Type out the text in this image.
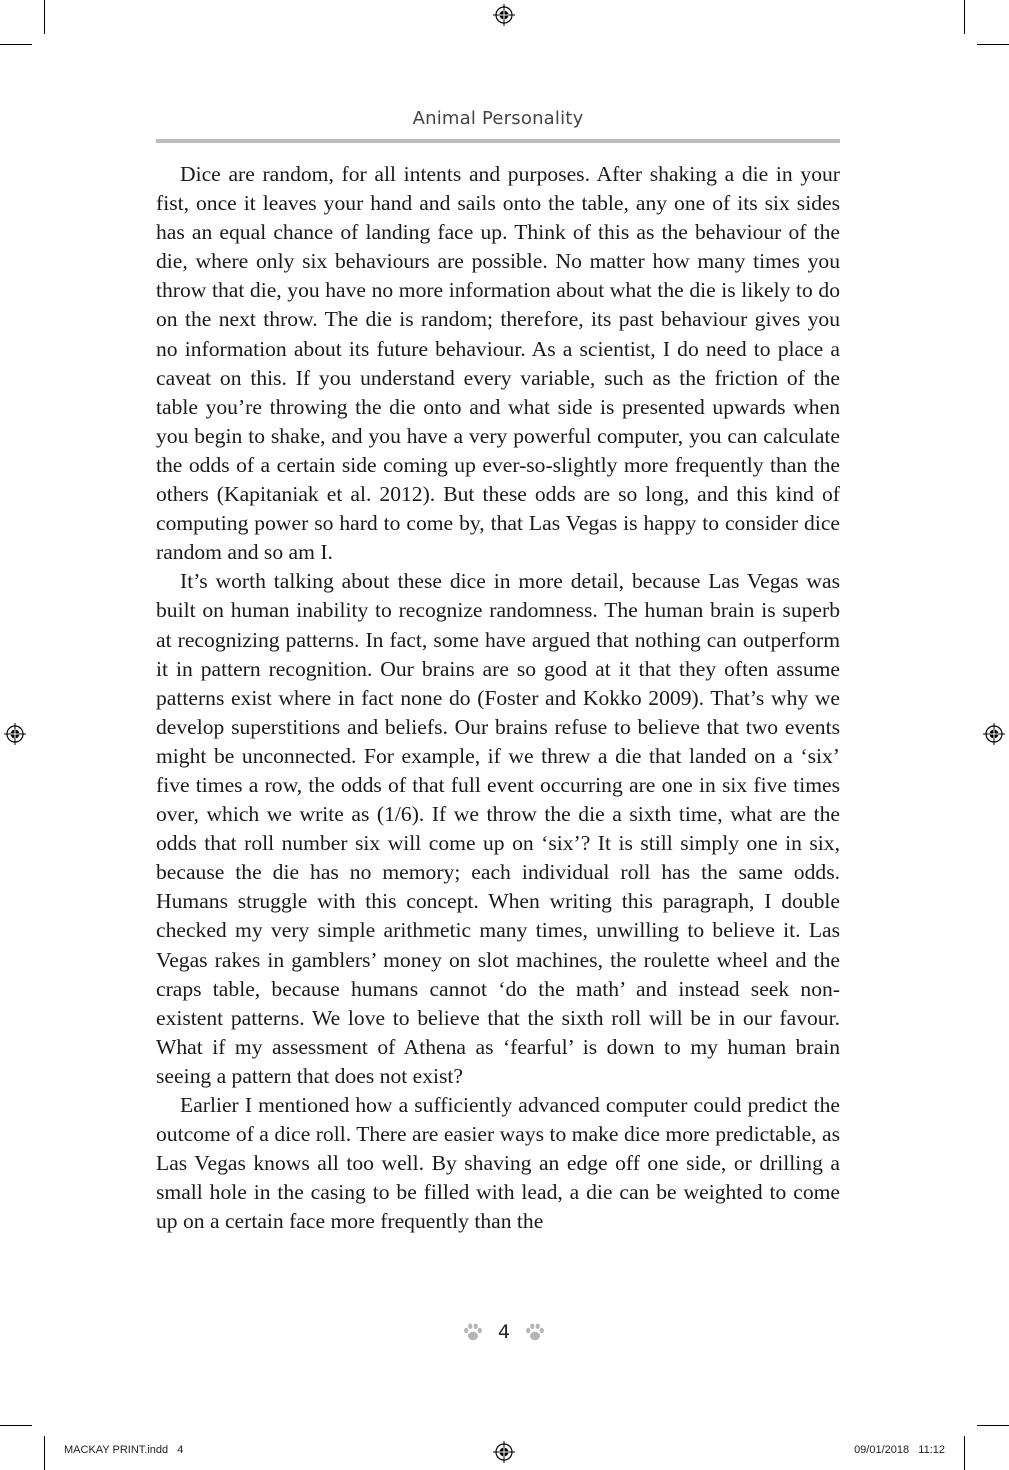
Animal Personality

Dice are random, for all intents and purposes. After shaking a die in your fist, once it leaves your hand and sails onto the table, any one of its six sides has an equal chance of landing face up. Think of this as the behaviour of the die, where only six behaviours are possible. No matter how many times you throw that die, you have no more information about what the die is likely to do on the next throw. The die is random; therefore, its past behaviour gives you no information about its future behaviour. As a scientist, I do need to place a caveat on this. If you understand every variable, such as the friction of the table you’re throwing the die onto and what side is presented upwards when you begin to shake, and you have a very powerful computer, you can calculate the odds of a certain side coming up ever-so-slightly more frequently than the others (Kapitaniak et al. 2012). But these odds are so long, and this kind of computing power so hard to come by, that Las Vegas is happy to consider dice random and so am I.

It’s worth talking about these dice in more detail, because Las Vegas was built on human inability to recognize randomness. The human brain is superb at recognizing patterns. In fact, some have argued that nothing can outperform it in pattern recognition. Our brains are so good at it that they often assume patterns exist where in fact none do (Foster and Kokko 2009). That’s why we develop superstitions and beliefs. Our brains refuse to believe that two events might be unconnected. For example, if we threw a die that landed on a ‘six’ five times a row, the odds of that full event occurring are one in six five times over, which we write as (1/6). If we throw the die a sixth time, what are the odds that roll number six will come up on ‘six’? It is still simply one in six, because the die has no memory; each individual roll has the same odds. Humans struggle with this concept. When writing this paragraph, I double checked my very simple arithmetic many times, unwilling to believe it. Las Vegas rakes in gamblers’ money on slot machines, the roulette wheel and the craps table, because humans cannot ‘do the math’ and instead seek non-existent patterns. We love to believe that the sixth roll will be in our favour. What if my assessment of Athena as ‘fearful’ is down to my human brain seeing a pattern that does not exist?

Earlier I mentioned how a sufficiently advanced computer could predict the outcome of a dice roll. There are easier ways to make dice more predictable, as Las Vegas knows all too well. By shaving an edge off one side, or drilling a small hole in the casing to be filled with lead, a die can be weighted to come up on a certain face more frequently than the

4
MACKAY PRINT.indd   4	09/01/2018   11:12
